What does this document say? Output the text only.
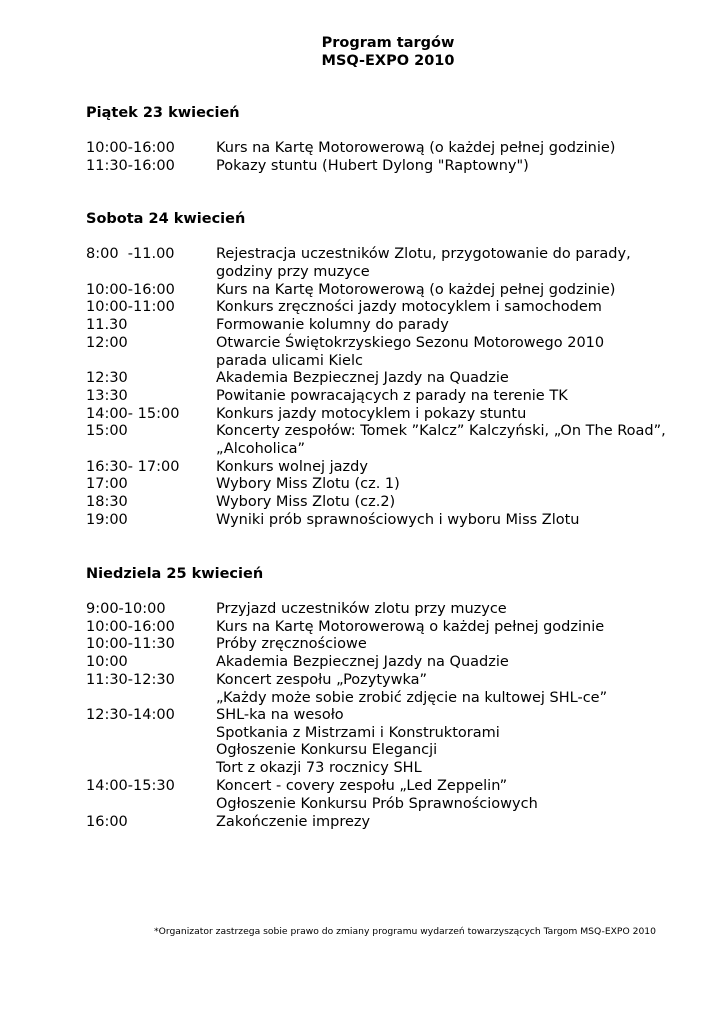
Program targów
MSQ-EXPO 2010
Piątek 23 kwiecień
10:00-16:00	Kurs na Kartę Motorowerową (o każdej pełnej godzinie)
11:30-16:00	Pokazy stuntu (Hubert Dylong "Raptowny")
Sobota 24 kwiecień
8:00  -11.00	Rejestracja uczestników Zlotu, przygotowanie do parady,
godziny przy muzyce
10:00-16:00	Kurs na Kartę Motorowerową (o każdej pełnej godzinie)
10:00-11:00	Konkurs zręczności jazdy motocyklem i samochodem
11.30	Formowanie kolumny do parady
12:00	Otwarcie Świętokrzyskiego Sezonu Motorowego 2010
parada ulicami Kielc
12:30	Akademia Bezpiecznej Jazdy na Quadzie
13:30	Powitanie powracających z parady na terenie TK
14:00- 15:00	Konkurs jazdy motocyklem i pokazy stuntu
15:00	Koncerty zespołów: Tomek ”Kalcz” Kalczyński, „On The Road”,
„Alcoholica”
16:30- 17:00	Konkurs wolnej jazdy
17:00	Wybory Miss Zlotu (cz. 1)
18:30	Wybory Miss Zlotu (cz.2)
19:00	Wyniki prób sprawnościowych i wyboru Miss Zlotu
Niedziela 25 kwiecień
9:00-10:00	Przyjazd uczestników zlotu przy muzyce
10:00-16:00	Kurs na Kartę Motorowerową o każdej pełnej godzinie
10:00-11:30	Próby zręcznościowe
10:00	Akademia Bezpiecznej Jazdy na Quadzie
11:30-12:30	Koncert zespołu „Pozytywka”
„Każdy może sobie zrobić zdjęcie na kultowej SHL-ce”
12:30-14:00	SHL-ka na wesoło
Spotkania z Mistrzami i Konstruktorami
Ogłoszenie Konkursu Elegancji
Tort z okazji 73 rocznicy SHL
14:00-15:30	Koncert - covery zespołu „Led Zeppelin”
Ogłoszenie Konkursu Prób Sprawnościowych
16:00	Zakończenie imprezy
*Organizator zastrzega sobie prawo do zmiany programu wydarzeń towarzyszących Targom MSQ-EXPO 2010
